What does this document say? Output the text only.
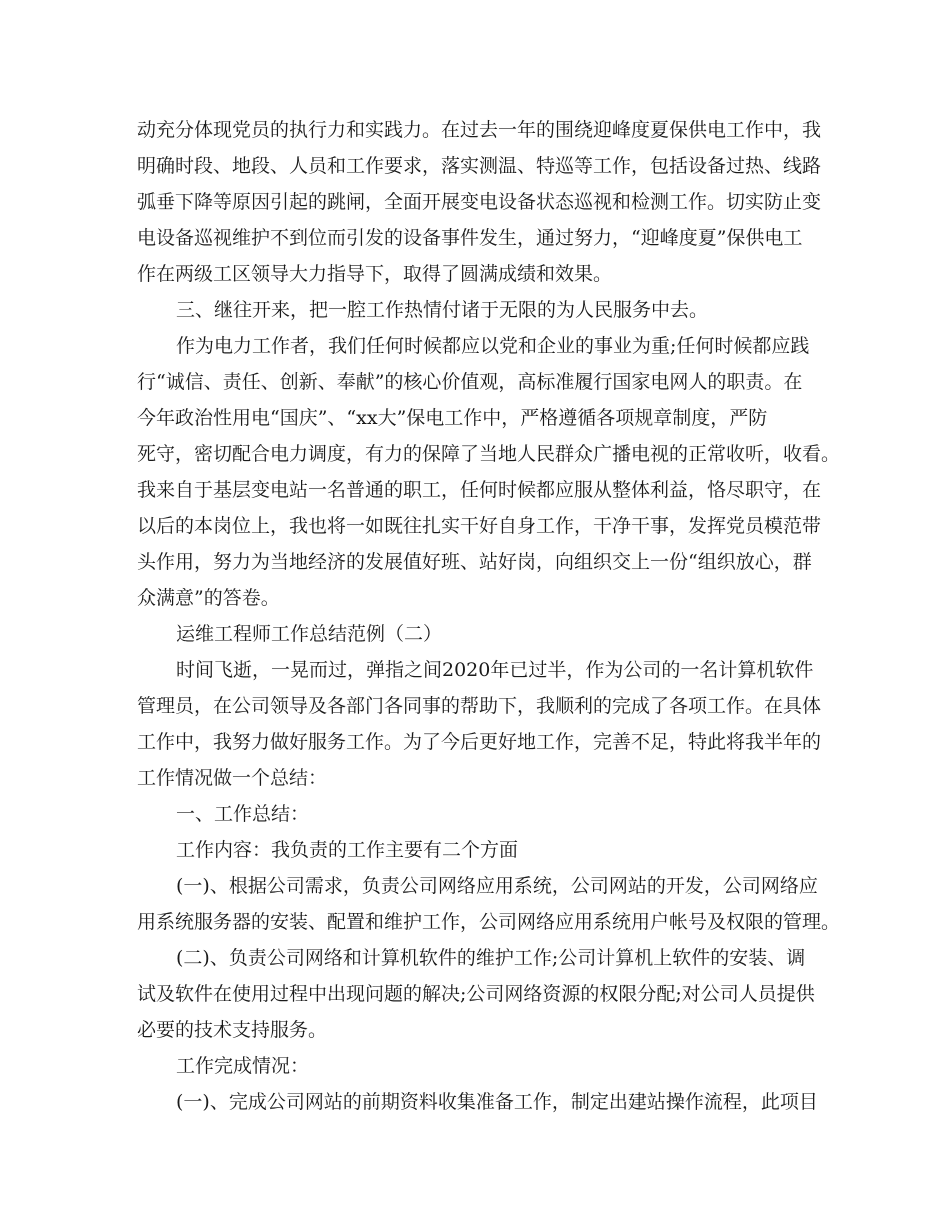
动充分体现党员的执行力和实践力。在过去一年的围绕迎峰度夏保供电工作中，我
明确时段、地段、人员和工作要求，落实测温、特巡等工作，包括设备过热、线路
弧垂下降等原因引起的跳闸，全面开展变电设备状态巡视和检测工作。切实防止变
电设备巡视维护不到位而引发的设备事件发生，通过努力，“迎峰度夏”保供电工
作在两级工区领导大力指导下，取得了圆满成绩和效果。
三、继往开来，把一腔工作热情付诸于无限的为人民服务中去。
作为电力工作者，我们任何时候都应以党和企业的事业为重;任何时候都应践
行“诚信、责任、创新、奉献”的核心价值观，高标准履行国家电网人的职责。在
今年政治性用电“国庆”、“xx大”保电工作中，严格遵循各项规章制度，严防
死守，密切配合电力调度，有力的保障了当地人民群众广播电视的正常收听，收看。
我来自于基层变电站一名普通的职工，任何时候都应服从整体利益，恪尽职守，在
以后的本岗位上，我也将一如既往扎实干好自身工作，干净干事，发挥党员模范带
头作用，努力为当地经济的发展值好班、站好岗，向组织交上一份“组织放心，群
众满意”的答卷。
运维工程师工作总结范例（二）
时间飞逝，一晃而过，弹指之间2020年已过半，作为公司的一名计算机软件
管理员，在公司领导及各部门各同事的帮助下，我顺利的完成了各项工作。在具体
工作中，我努力做好服务工作。为了今后更好地工作，完善不足，特此将我半年的
工作情况做一个总结：
一、工作总结：
工作内容：我负责的工作主要有二个方面
(一)、根据公司需求，负责公司网络应用系统，公司网站的开发，公司网络应
用系统服务器的安装、配置和维护工作，公司网络应用系统用户帐号及权限的管理。
(二)、负责公司网络和计算机软件的维护工作;公司计算机上软件的安装、调
试及软件在使用过程中出现问题的解决;公司网络资源的权限分配;对公司人员提供
必要的技术支持服务。
工作完成情况：
(一)、完成公司网站的前期资料收集准备工作，制定出建站操作流程，此项目
